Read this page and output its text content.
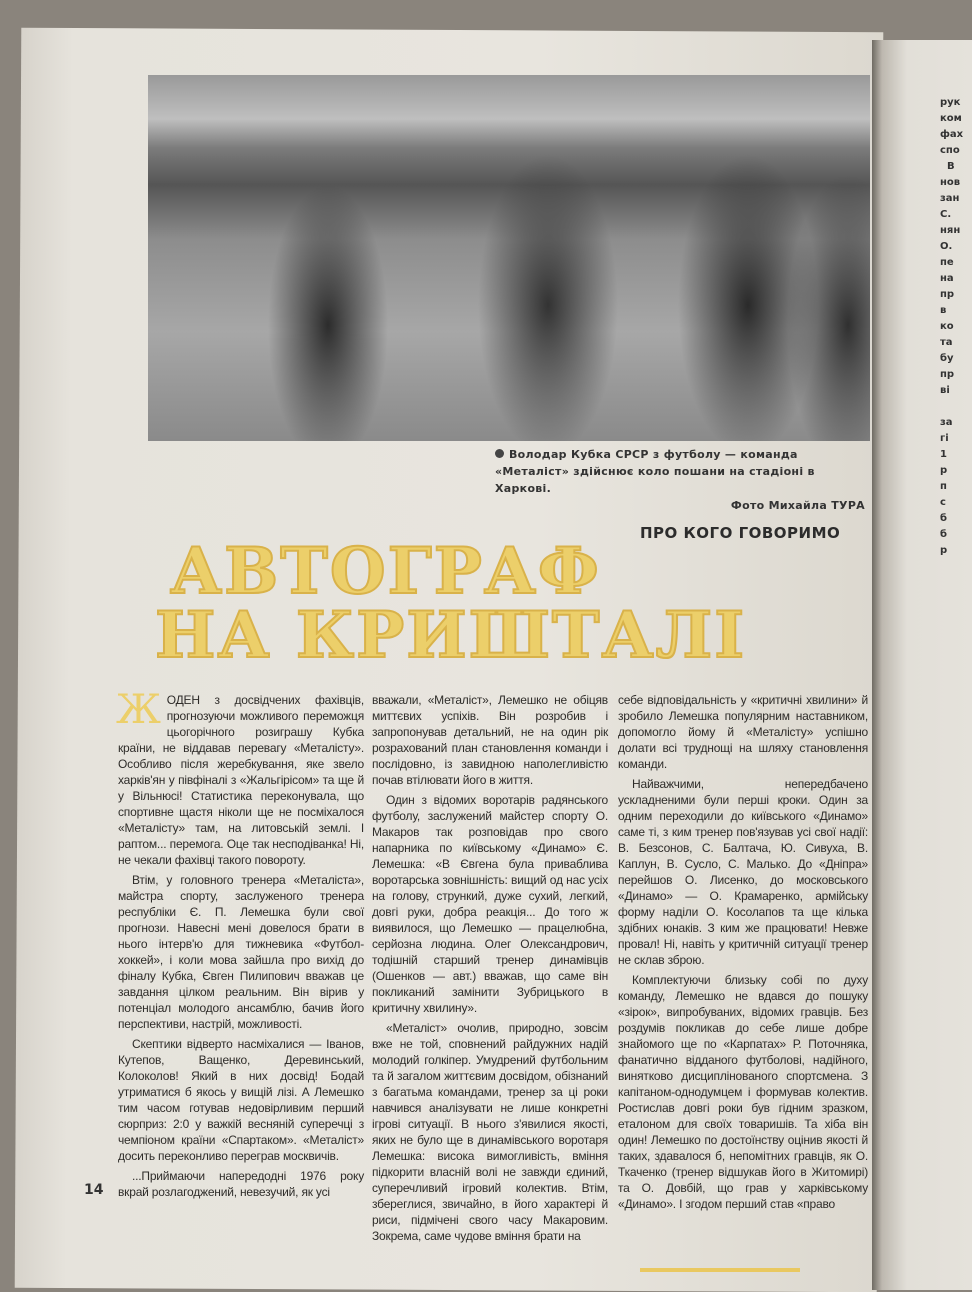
рук
ком
фах
спо
В
нов
зан
С.
нян
О.
пе
на
пр
в
ко
та
бу
пр
ві

за
гі
1
р
п
с
б
б
р
Володар Кубка СРСР з футболу — команда «Металіст» здійснює коло пошани на стадіоні в Харкові.
Фото Михайла ТУРА
ПРО КОГО ГОВОРИМО
АВТОГРАФ
НА КРИШТАЛІ

ЖОДЕН з досвідчених фахівців, прогнозуючи можливого переможця цьогорічного розиграшу Кубка країни, не віддавав перевагу «Металісту». Особливо після жеребкування, яке звело харків'ян у півфіналі з «Жальгірісом» та ще й у Вільнюсі! Статистика переконувала, що спортивне щастя ніколи ще не посміхалося «Металісту» там, на литовській землі. І раптом... перемога. Оце так несподіванка! Ні, не чекали фахівці такого повороту.

Втім, у головного тренера «Металіста», майстра спорту, заслуженого тренера республіки Є. П. Лемешка були свої прогнози. Навесні мені довелося брати в нього інтерв'ю для тижневика «Футбол-хоккей», і коли мова зайшла про вихід до фіналу Кубка, Євген Пилипович вважав це завдання цілком реальним. Він вірив у потенціал молодого ансамблю, бачив його перспективи, настрій, можливості.

Скептики відверто насміхалися — Іванов, Кутепов, Ващенко, Деревинський, Колоколов! Який в них досвід! Бодай утриматися б якось у вищій лізі. А Лемешко тим часом готував недовірливим перший сюрприз: 2:0 у важкій весняній суперечці з чемпіоном країни «Спартаком». «Металіст» досить переконливо переграв москвичів.

...Приймаючи напередодні 1976 року вкрай розлагоджений, невезучий, як усі

вважали, «Металіст», Лемешко не обіцяв миттєвих успіхів. Він розробив і запропонував детальний, не на один рік розрахований план становлення команди і послідовно, із завидною наполегливістю почав втілювати його в життя.

Один з відомих воротарів радянського футболу, заслужений майстер спорту О. Макаров так розповідав про свого напарника по київському «Динамо» Є. Лемешка: «В Євгена була приваблива воротарська зовнішність: вищий од нас усіх на голову, стрункий, дуже сухий, легкий, довгі руки, добра реакція... До того ж виявилося, що Лемешко — працелюбна, серйозна людина. Олег Олександрович, тодішній старший тренер динамівців (Ошенков — авт.) вважав, що саме він покликаний замінити Зубрицького в критичну хвилину».

«Металіст» очолив, природно, зовсім вже не той, сповнений райдужних надій молодий голкіпер. Умудрений футбольним та й загалом життєвим досвідом, обізнаний з багатьма командами, тренер за ці роки навчився аналізувати не лише конкретні ігрові ситуації. В нього з'явилися якості, яких не було ще в динамівського воротаря Лемешка: висока вимогливість, вміння підкорити власній волі не завжди єдиний, суперечливий ігровий колектив. Втім, збереглися, звичайно, в його характері й риси, підмічені свого часу Макаровим. Зокрема, саме чудове вміння брати на

себе відповідальність у «критичні хвилини» й зробило Лемешка популярним наставником, допомогло йому й «Металісту» успішно долати всі труднощі на шляху становлення команди.

Найважчими, непередбачено ускладненими були перші кроки. Один за одним переходили до київського «Динамо» саме ті, з ким тренер пов'язував усі свої надії: В. Безсонов, С. Балтача, Ю. Сивуха, В. Каплун, В. Сусло, С. Малько. До «Дніпра» перейшов О. Лисенко, до московського «Динамо» — О. Крамаренко, армійську форму наділи О. Косолапов та ще кілька здібних юнаків. З ким же працювати! Невже провал! Ні, навіть у критичній ситуації тренер не склав зброю.

Комплектуючи близьку собі по духу команду, Лемешко не вдався до пошуку «зірок», випробуваних, відомих гравців. Без роздумів покликав до себе лише добре знайомого ще по «Карпатах» Р. Поточняка, фанатично відданого футболові, надійного, винятково дисциплінованого спортсмена. З капітаном-однодумцем і формував колектив. Ростислав довгі роки був гідним зразком, еталоном для своїх товаришів. Та хіба він один! Лемешко по достоїнству оцінив якості й таких, здавалося б, непомітних гравців, як О. Ткаченко (тренер відшукав його в Житомирі) та О. Довбій, що грав у харківському «Динамо». І згодом перший став «право

14
